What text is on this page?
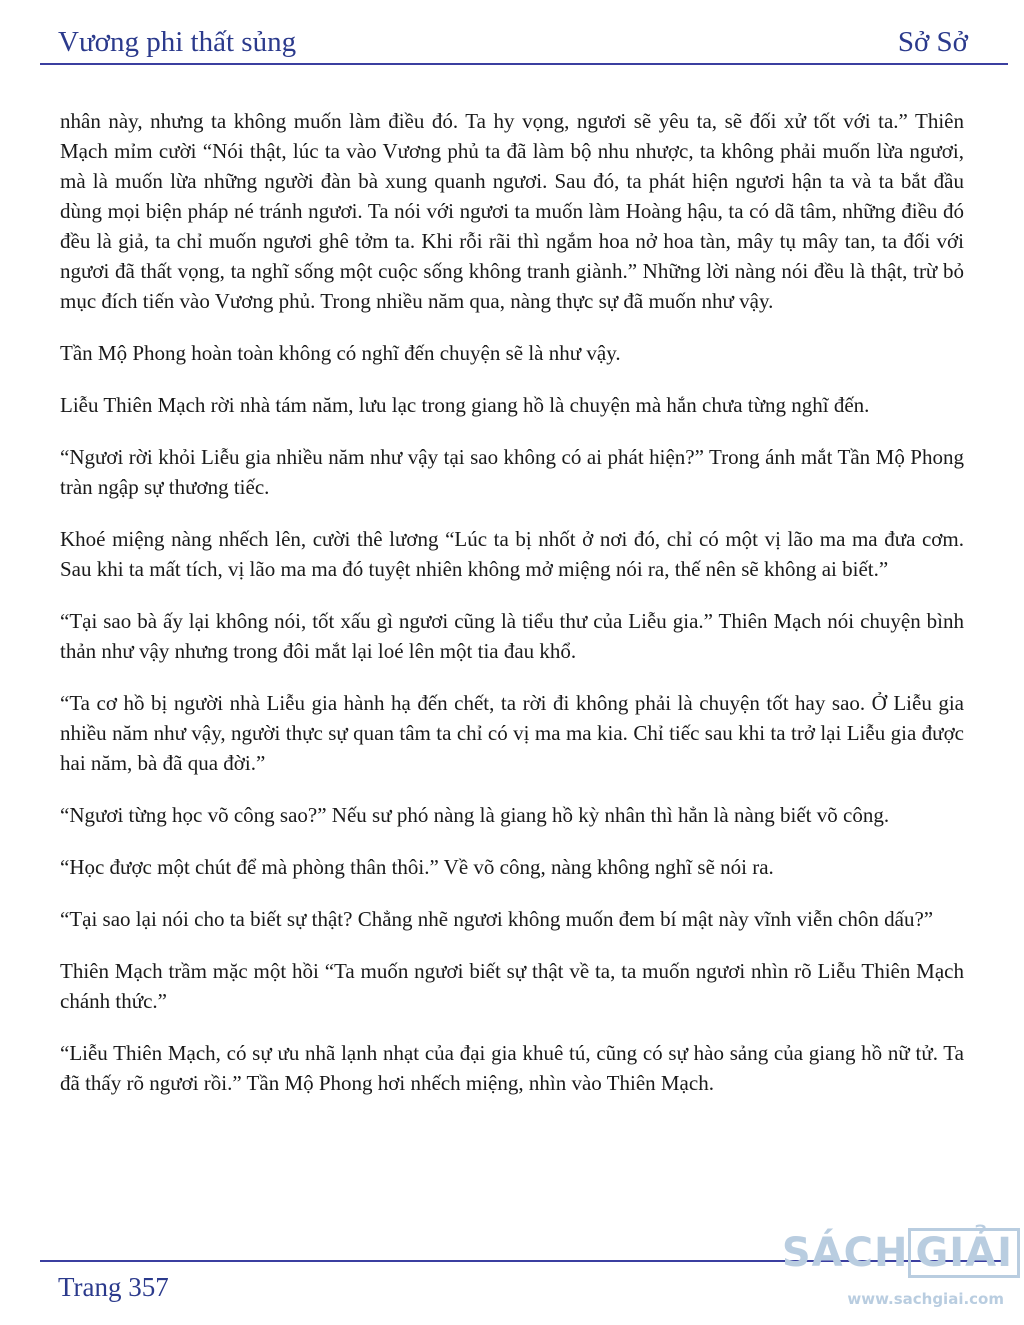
Vương phi thất sủng	Sở Sở

nhân này, nhưng ta không muốn làm điều đó. Ta hy vọng, ngươi sẽ yêu ta, sẽ đối xử tốt với ta.” Thiên Mạch mỉm cười “Nói thật, lúc ta vào Vương phủ ta đã làm bộ nhu nhược, ta không phải muốn lừa ngươi, mà là muốn lừa những người đàn bà xung quanh ngươi. Sau đó, ta phát hiện ngươi hận ta và ta bắt đầu dùng mọi biện pháp né tránh ngươi. Ta nói với ngươi ta muốn làm Hoàng hậu, ta có dã tâm, những điều đó đều là giả, ta chỉ muốn ngươi ghê tởm ta. Khi rỗi rãi thì ngắm hoa nở hoa tàn, mây tụ mây tan, ta đối với ngươi đã thất vọng, ta nghĩ sống một cuộc sống không tranh giành.” Những lời nàng nói đều là thật, trừ bỏ mục đích tiến vào Vương phủ. Trong nhiều năm qua, nàng thực sự đã muốn như vậy.

Tần Mộ Phong hoàn toàn không có nghĩ đến chuyện sẽ là như vậy.

Liễu Thiên Mạch rời nhà tám năm, lưu lạc trong giang hồ là chuyện mà hắn chưa từng nghĩ đến.

“Ngươi rời khỏi Liễu gia nhiều năm như vậy tại sao không có ai phát hiện?” Trong ánh mắt Tần Mộ Phong tràn ngập sự thương tiếc.

Khoé miệng nàng nhếch lên, cười thê lương “Lúc ta bị nhốt ở nơi đó, chỉ có một vị lão ma ma đưa cơm. Sau khi ta mất tích, vị lão ma ma đó tuyệt nhiên không mở miệng nói ra, thế nên sẽ không ai biết.”

“Tại sao bà ấy lại không nói, tốt xấu gì ngươi cũng là tiểu thư của Liễu gia.” Thiên Mạch nói chuyện bình thản như vậy nhưng trong đôi mắt lại loé lên một tia đau khổ.

“Ta cơ hồ bị người nhà Liễu gia hành hạ đến chết, ta rời đi không phải là chuyện tốt hay sao. Ở Liễu gia nhiều năm như vậy, người thực sự quan tâm ta chỉ có vị ma ma kia. Chỉ tiếc sau khi ta trở lại Liễu gia được hai năm, bà đã qua đời.”

“Ngươi từng học võ công sao?” Nếu sư phó nàng là giang hồ kỳ nhân thì hẳn là nàng biết võ công.

“Học được một chút để mà phòng thân thôi.” Về võ công, nàng không nghĩ sẽ nói ra.

“Tại sao lại nói cho ta biết sự thật? Chẳng nhẽ ngươi không muốn đem bí mật này vĩnh viễn chôn dấu?”

Thiên Mạch trầm mặc một hồi “Ta muốn ngươi biết sự thật về ta, ta muốn ngươi nhìn rõ Liễu Thiên Mạch chánh thức.”

“Liễu Thiên Mạch, có sự ưu nhã lạnh nhạt của đại gia khuê tú, cũng có sự hào sảng của giang hồ nữ tử. Ta đã thấy rõ ngươi rồi.” Tần Mộ Phong hơi nhếch miệng, nhìn vào Thiên Mạch.

Trang 357
SÁCH GIẢI
www.sachgiai.com
